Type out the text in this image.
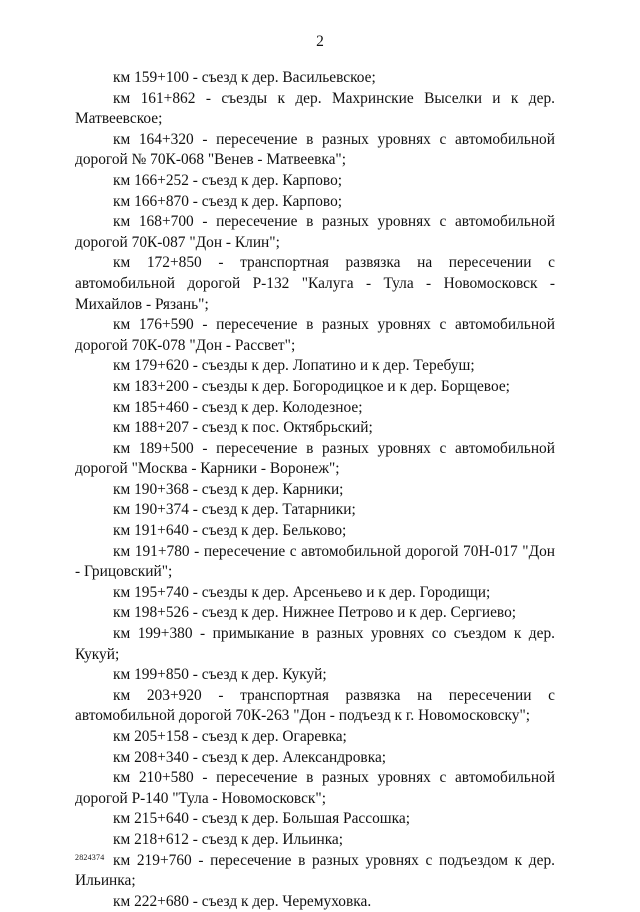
2

км 159+100 - съезд к дер. Васильевское;

км 161+862 - съезды к дер. Махринские Выселки и к дер. Матвеевское;

км 164+320 - пересечение в разных уровнях с автомобильной дорогой № 70К-068 "Венев - Матвеевка";

км 166+252 - съезд к дер. Карпово;

км 166+870 - съезд к дер. Карпово;

км 168+700 - пересечение в разных уровнях с автомобильной дорогой 70К-087 "Дон - Клин";

км 172+850 - транспортная развязка на пересечении с автомобильной дорогой Р-132 "Калуга - Тула - Новомосковск - Михайлов - Рязань";

км 176+590 - пересечение в разных уровнях с автомобильной дорогой 70К-078 "Дон - Рассвет";

км 179+620 - съезды к дер. Лопатино и к дер. Теребуш;

км 183+200 - съезды к дер. Богородицкое и к дер. Борщевое;

км 185+460 - съезд к дер. Колодезное;

км 188+207 - съезд к пос. Октябрьский;

км 189+500 - пересечение в разных уровнях с автомобильной дорогой "Москва - Карники - Воронеж";

км 190+368 - съезд к дер. Карники;

км 190+374 - съезд к дер. Татарники;

км 191+640 - съезд к дер. Бельково;

км 191+780 - пересечение с автомобильной дорогой 70Н-017 "Дон - Грицовский";

км 195+740 - съезды к дер. Арсеньево и к дер. Городищи;

км 198+526 - съезд к дер. Нижнее Петрово и к дер. Сергиево;

км 199+380 - примыкание в разных уровнях со съездом к дер. Кукуй;

км 199+850 - съезд к дер. Кукуй;

км 203+920 - транспортная развязка на пересечении с автомобильной дорогой 70К-263 "Дон - подъезд к г. Новомосковску";

км 205+158 - съезд к дер. Огаревка;

км 208+340 - съезд к дер. Александровка;

км 210+580 - пересечение в разных уровнях с автомобильной дорогой Р-140 "Тула - Новомосковск";

км 215+640 - съезд к дер. Большая Рассошка;

км 218+612 - съезд к дер. Ильинка;

км 219+760 - пересечение в разных уровнях с подъездом к дер. Ильинка;

км 222+680 - съезд к дер. Черемуховка.

2824374
